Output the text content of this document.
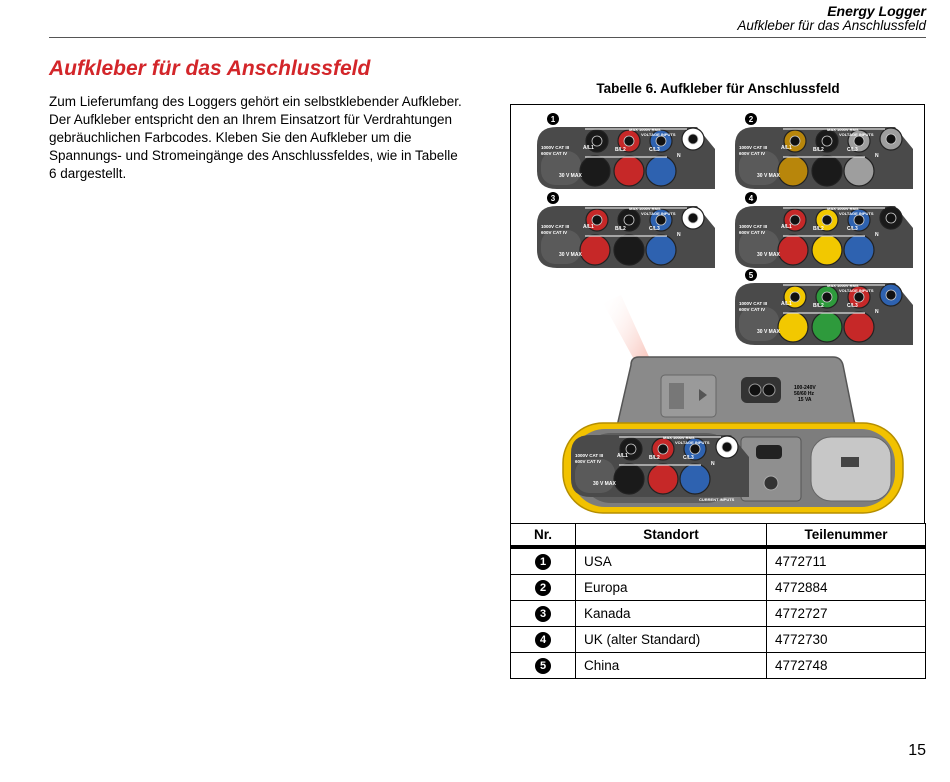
Energy Logger
Aufkleber für das Anschlussfeld
Aufkleber für das Anschlussfeld

Zum Lieferumfang des Loggers gehört ein selbstklebender Aufkleber. Der Aufkleber entspricht den an Ihrem Einsatzort für Verdrahtungen gebräuchlichen Farbcodes. Kleben Sie den Aufkleber um die Spannungs- und Stromeingänge des Anschlussfeldes, wie in Tabelle 6 dargestellt.

Tabelle 6. Aufkleber für Anschlussfeld
1000V CAT III
600V CAT IV
30 V MAX
MAX 1000V RMS
VOLTAGE INPUTS
CURRENT INPUTS
A/L1	B/L2	C/L3
N
1
1000V CAT III
600V CAT IV
30 V MAX
MAX 1000V RMS
VOLTAGE INPUTS
CURRENT INPUTS
A/L1	B/L2	C/L3
N
2
1000V CAT III
600V CAT IV
30 V MAX
MAX 1000V RMS
VOLTAGE INPUTS
CURRENT INPUTS
A/L1	B/L2	C/L3
N
3
1000V CAT III
600V CAT IV
30 V MAX
MAX 1000V RMS
VOLTAGE INPUTS
CURRENT INPUTS
A/L1	B/L2	C/L3
N
4
1000V CAT III
600V CAT IV
30 V MAX
MAX 1000V RMS
VOLTAGE INPUTS
CURRENT INPUTS
A/L1	B/L2	C/L3
N
5
100-240V
50/60 Hz
15 VA
1000V CAT III
600V CAT IV
30 V MAX
MAX 1000V RMS
VOLTAGE INPUTS
CURRENT INPUTS
A/L1	B/L2	C/L3
N
Nr.	Standort	Teilenummer
1	USA	4772711
2	Europa	4772884
3	Kanada	4772727
4	UK (alter Standard)	4772730
5	China	4772748
15
